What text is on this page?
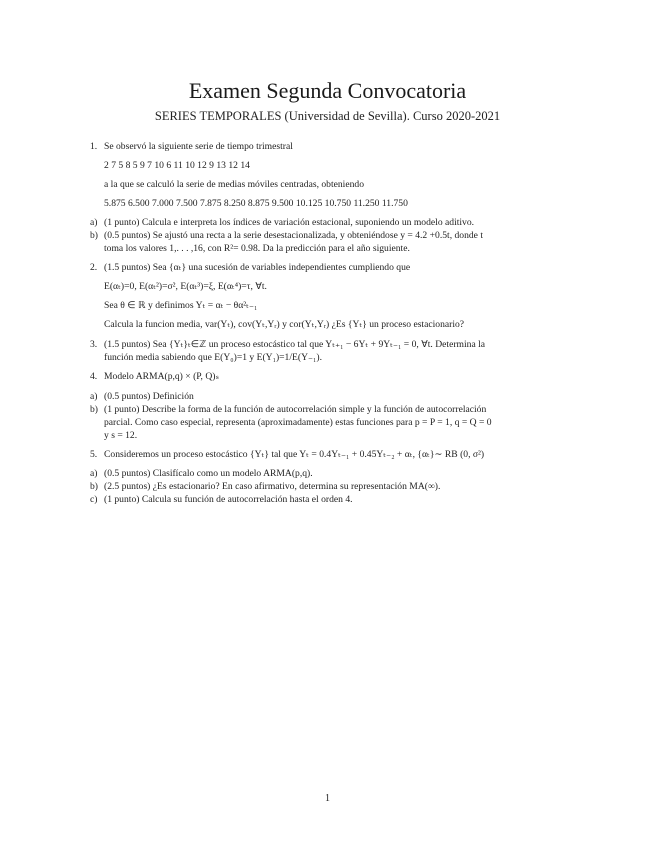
Examen Segunda Convocatoria
SERIES TEMPORALES (Universidad de Sevilla). Curso 2020-2021
1. Se observó la siguiente serie de tiempo trimestral
2 7 5 8 5 9 7 10 6 11 10 12 9 13 12 14
a la que se calculó la serie de medias móviles centradas, obteniendo
5.875 6.500 7.000 7.500 7.875 8.250 8.875 9.500 10.125 10.750 11.250 11.750
a) (1 punto) Calcula e interpreta los índices de variación estacional, suponiendo un modelo aditivo.
b) (0.5 puntos) Se ajustó una recta a la serie desestacionalizada, y obteniéndose y = 4.2 +0.5t, donde t
toma los valores 1,. . . ,16, con R²= 0.98. Da la predicción para el año siguiente.
2. (1.5 puntos) Sea {αₜ} una sucesión de variables independientes cumpliendo que
E(αₜ)=0, E(αₜ²)=σ², E(αₜ³)=ξ, E(αₜ⁴)=τ, ∀t.
Sea θ ∈ ℝ y definimos Yₜ = αₜ − θα²ₜ₋₁
Calcula la funcion media, var(Yₜ), cov(Yₜ,Yᵣ) y cor(Yₜ,Yᵣ) ¿Es {Yₜ} un proceso estacionario?
3. (1.5 puntos) Sea {Yₜ}ₜ∈ℤ un proceso estocástico tal que Yₜ₊₁ − 6Yₜ + 9Yₜ₋₁ = 0, ∀t. Determina la
función media sabiendo que E(Y₀)=1 y E(Y₁)=1/E(Y₋₁).
4. Modelo ARMA(p,q) × (P, Q)ₛ
a) (0.5 puntos) Definición
b) (1 punto) Describe la forma de la función de autocorrelación simple y la función de autocorrelación
parcial. Como caso especial, representa (aproximadamente) estas funciones para p = P = 1, q = Q = 0
y s = 12.
5. Consideremos un proceso estocástico {Yₜ} tal que Yₜ = 0.4Yₜ₋₁ + 0.45Yₜ₋₂ + αₜ, {αₜ}∼ RB (0, σ²)
a) (0.5 puntos) Clasifícalo como un modelo ARMA(p,q).
b) (2.5 puntos) ¿Es estacionario? En caso afirmativo, determina su representación MA(∞).
c) (1 punto) Calcula su función de autocorrelación hasta el orden 4.
1
